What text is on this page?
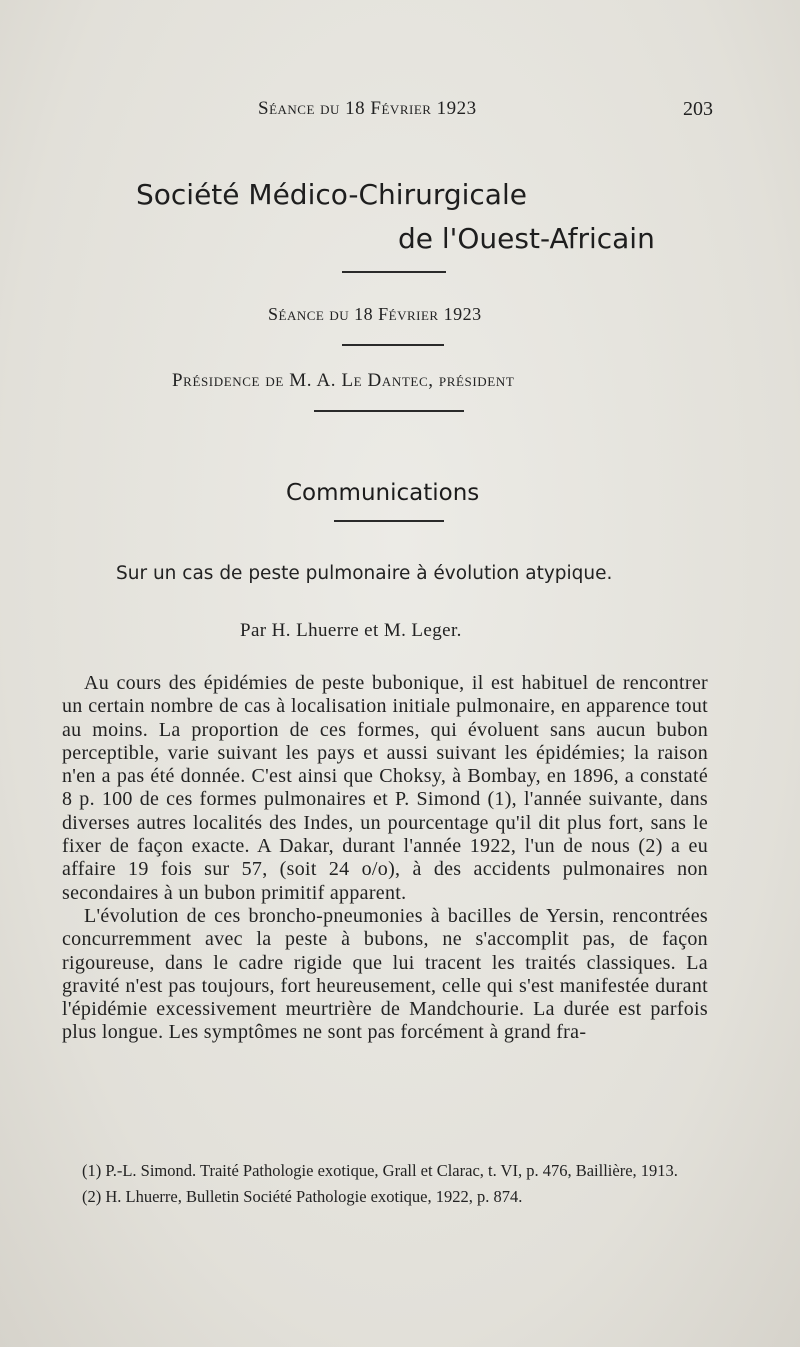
Séance du 18 Février 1923	203
Société Médico-Chirurgicale
de l'Ouest-Africain
Séance du 18 Février 1923
Présidence de M. A. Le Dantec, président
Communications
Sur un cas de peste pulmonaire à évolution atypique.
Par H. Lhuerre et M. Leger.

Au cours des épidémies de peste bubonique, il est habituel de rencontrer un certain nombre de cas à localisation initiale pulmonaire, en apparence tout au moins. La proportion de ces formes, qui évoluent sans aucun bubon perceptible, varie suivant les pays et aussi suivant les épidémies; la raison n'en a pas été donnée. C'est ainsi que Choksy, à Bombay, en 1896, a constaté 8 p. 100 de ces formes pulmonaires et P. Simond (1), l'année suivante, dans diverses autres localités des Indes, un pourcentage qu'il dit plus fort, sans le fixer de façon exacte. A Dakar, durant l'année 1922, l'un de nous (2) a eu affaire 19 fois sur 57, (soit 24 o/o), à des accidents pulmonaires non secondaires à un bubon primitif apparent.

L'évolution de ces broncho-pneumonies à bacilles de Yersin, rencontrées concurremment avec la peste à bubons, ne s'accomplit pas, de façon rigoureuse, dans le cadre rigide que lui tracent les traités classiques. La gravité n'est pas toujours, fort heureusement, celle qui s'est manifestée durant l'épidémie excessivement meurtrière de Mandchourie. La durée est parfois plus longue. Les symptômes ne sont pas forcément à grand fra-

(1) P.-L. Simond. Traité Pathologie exotique, Grall et Clarac, t. VI, p. 476, Baillière, 1913.

(2) H. Lhuerre, Bulletin Société Pathologie exotique, 1922, p. 874.
